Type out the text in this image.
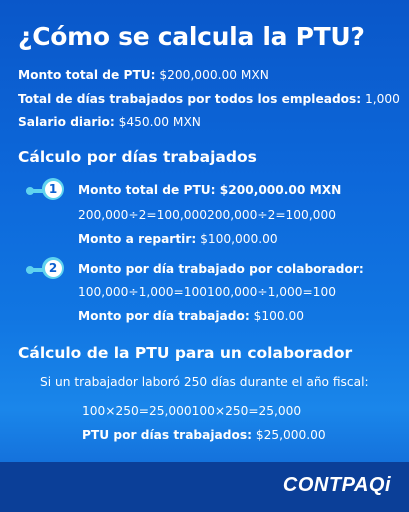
¿Cómo se calcula la PTU?
Monto total de PTU: $200,000.00 MXN
Total de días trabajados por todos los empleados: 1,000
Salario diario: $450.00 MXN
Cálculo por días trabajados
1	Monto total de PTU: $200,000.00 MXN
200,000÷2=100,000200,000÷2=100,000
Monto a repartir: $100,000.00
2	Monto por día trabajado por colaborador:
100,000÷1,000=100100,000÷1,000=100
Monto por día trabajado: $100.00
Cálculo de la PTU para un colaborador
Si un trabajador laboró 250 días durante el año fiscal:
100×250=25,000100×250=25,000
PTU por días trabajados: $25,000.00
CONTPAQi
